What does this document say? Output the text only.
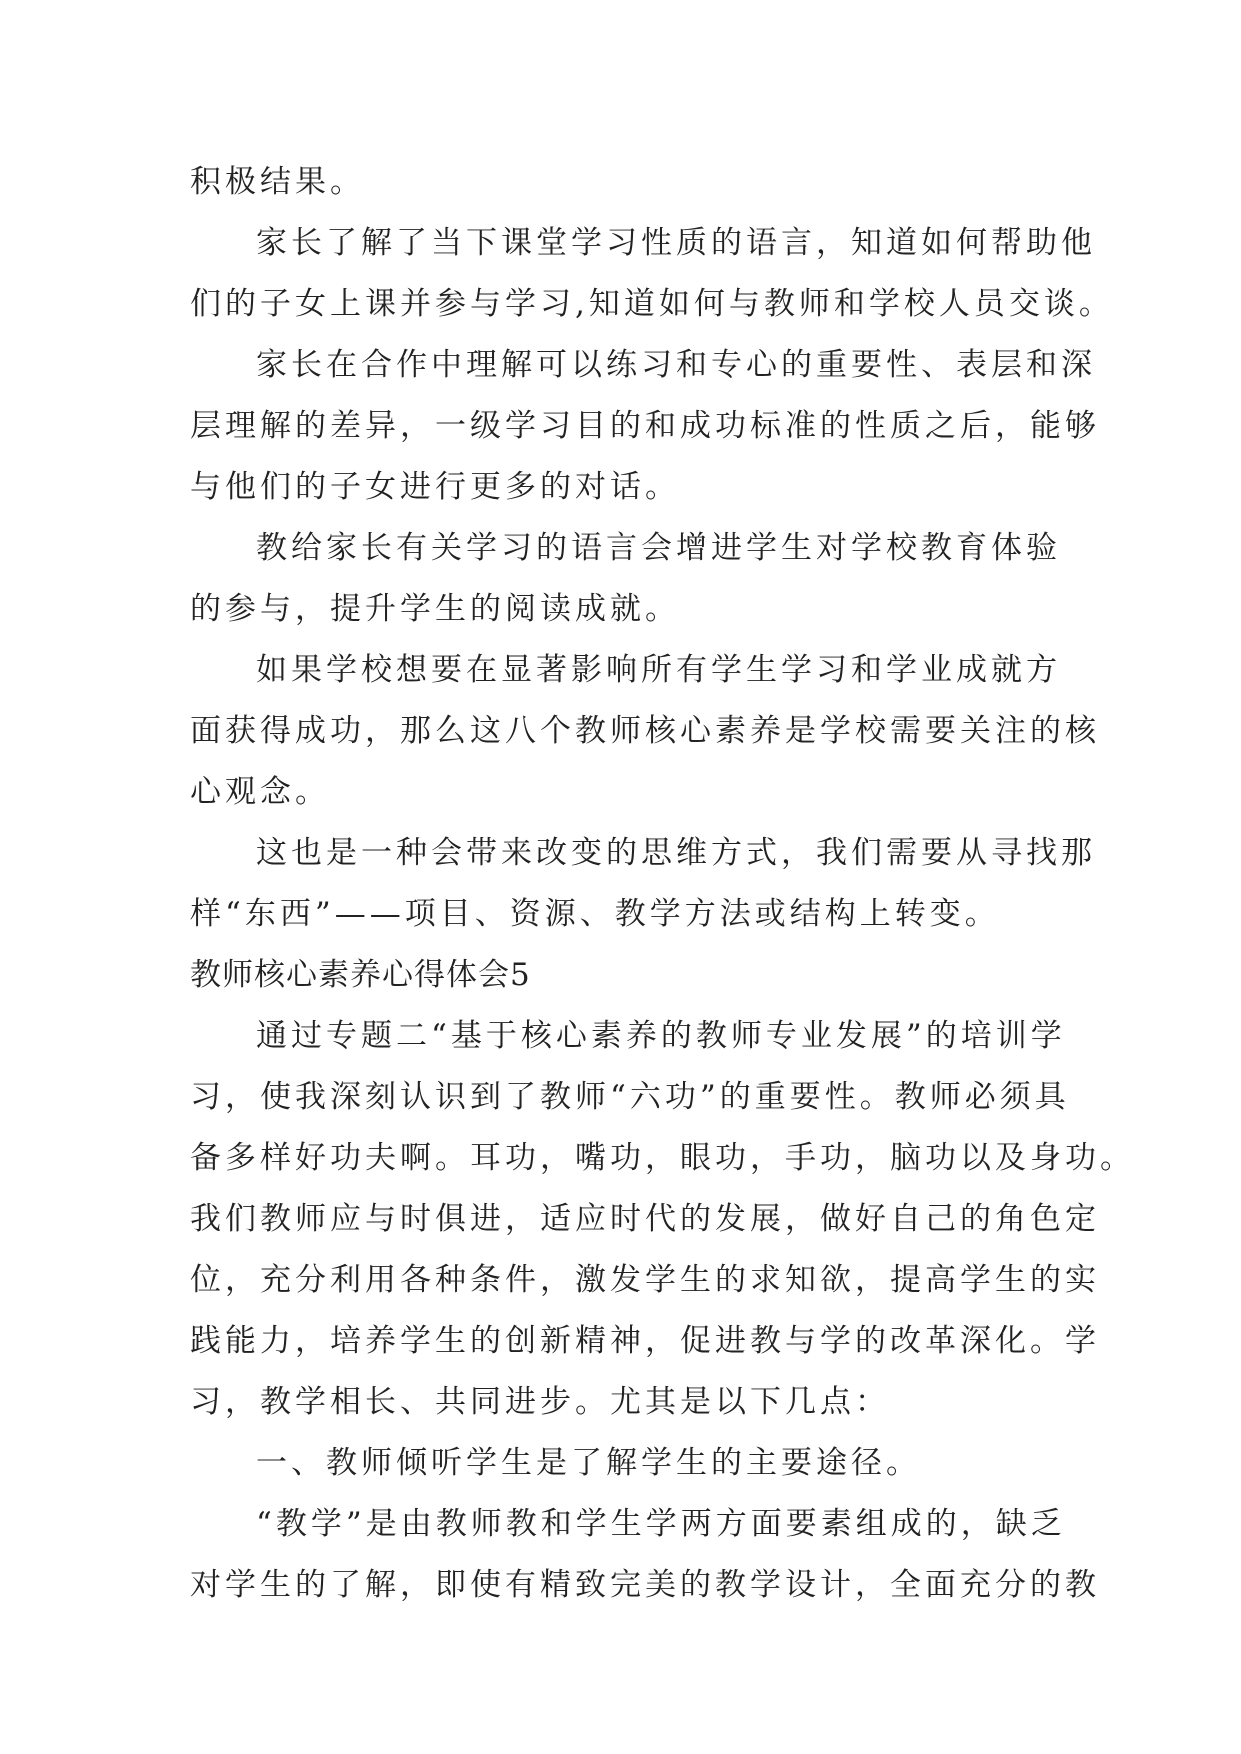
积极结果。
家长了解了当下课堂学习性质的语言，知道如何帮助他
们的子女上课并参与学习,知道如何与教师和学校人员交谈。
家长在合作中理解可以练习和专心的重要性、表层和深
层理解的差异，一级学习目的和成功标准的性质之后，能够
与他们的子女进行更多的对话。
教给家长有关学习的语言会增进学生对学校教育体验
的参与，提升学生的阅读成就。
如果学校想要在显著影响所有学生学习和学业成就方
面获得成功，那么这八个教师核心素养是学校需要关注的核
心观念。
这也是一种会带来改变的思维方式，我们需要从寻找那
样“东西”——项目、资源、教学方法或结构上转变。
教师核心素养心得体会5
通过专题二“基于核心素养的教师专业发展”的培训学
习，使我深刻认识到了教师“六功”的重要性。教师必须具
备多样好功夫啊。耳功，嘴功，眼功，手功，脑功以及身功。
我们教师应与时俱进，适应时代的发展，做好自己的角色定
位，充分利用各种条件，激发学生的求知欲，提高学生的实
践能力，培养学生的创新精神，促进教与学的改革深化。学
习，教学相长、共同进步。尤其是以下几点：
一、教师倾听学生是了解学生的主要途径。
“教学”是由教师教和学生学两方面要素组成的，缺乏
对学生的了解，即使有精致完美的教学设计，全面充分的教
